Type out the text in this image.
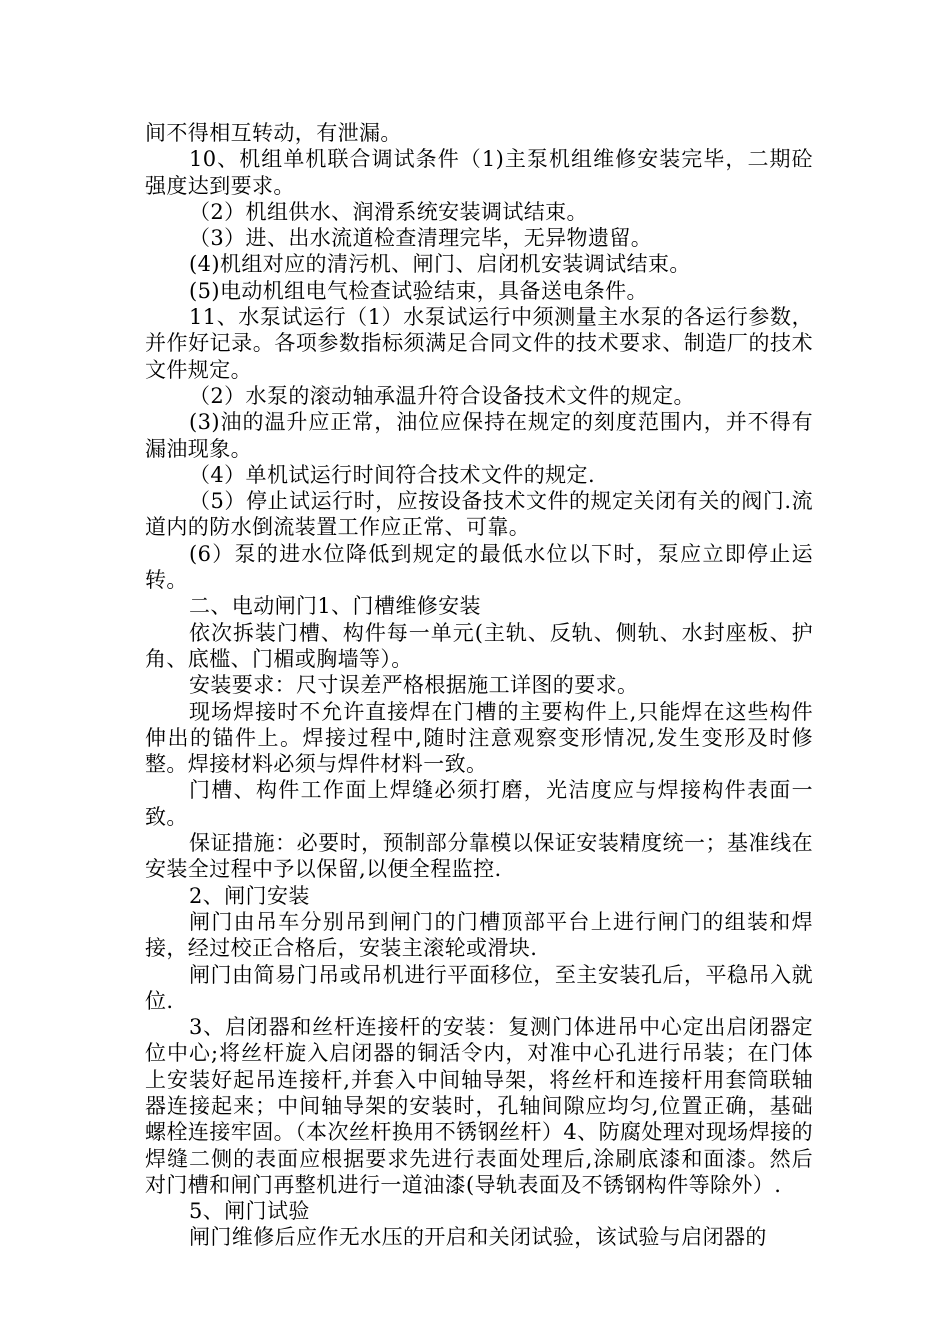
间不得相互转动，有泄漏。

10、机组单机联合调试条件（1)主泵机组维修安装完毕，二期砼强度达到要求。

（2）机组供水、润滑系统安装调试结束。

（3）进、出水流道检查清理完毕，无异物遗留。

(4)机组对应的清污机、闸门、启闭机安装调试结束。

(5)电动机组电气检查试验结束，具备送电条件。

11、水泵试运行（1）水泵试运行中须测量主水泵的各运行参数，并作好记录。各项参数指标须满足合同文件的技术要求、制造厂的技术文件规定。

（2）水泵的滚动轴承温升符合设备技术文件的规定。

(3)油的温升应正常，油位应保持在规定的刻度范围内，并不得有漏油现象。

（4）单机试运行时间符合技术文件的规定.

（5）停止试运行时，应按设备技术文件的规定关闭有关的阀门.流道内的防水倒流装置工作应正常、可靠。

(6）泵的进水位降低到规定的最低水位以下时，泵应立即停止运转。

二、电动闸门1、门槽维修安装

依次拆装门槽、构件每一单元(主轨、反轨、侧轨、水封座板、护角、底槛、门楣或胸墙等）。

安装要求：尺寸误差严格根据施工详图的要求。

现场焊接时不允许直接焊在门槽的主要构件上,只能焊在这些构件伸出的锚件上。焊接过程中,随时注意观察变形情况,发生变形及时修整。焊接材料必须与焊件材料一致。

门槽、构件工作面上焊缝必须打磨，光洁度应与焊接构件表面一致。

保证措施：必要时，预制部分靠模以保证安装精度统一；基准线在安装全过程中予以保留,以便全程监控.

2、闸门安装

闸门由吊车分别吊到闸门的门槽顶部平台上进行闸门的组装和焊接，经过校正合格后，安装主滚轮或滑块.

闸门由简易门吊或吊机进行平面移位，至主安装孔后，平稳吊入就位.

3、启闭器和丝杆连接杆的安装：复测门体进吊中心定出启闭器定位中心;将丝杆旋入启闭器的铜活令内，对准中心孔进行吊装；在门体上安装好起吊连接杆,并套入中间轴导架，将丝杆和连接杆用套筒联轴器连接起来；中间轴导架的安装时，孔轴间隙应均匀,位置正确，基础螺栓连接牢固。（本次丝杆换用不锈钢丝杆）4、防腐处理对现场焊接的焊缝二侧的表面应根据要求先进行表面处理后,涂刷底漆和面漆。然后对门槽和闸门再整机进行一道油漆(导轨表面及不锈钢构件等除外）.

5、闸门试验

闸门维修后应作无水压的开启和关闭试验，该试验与启闭器的
